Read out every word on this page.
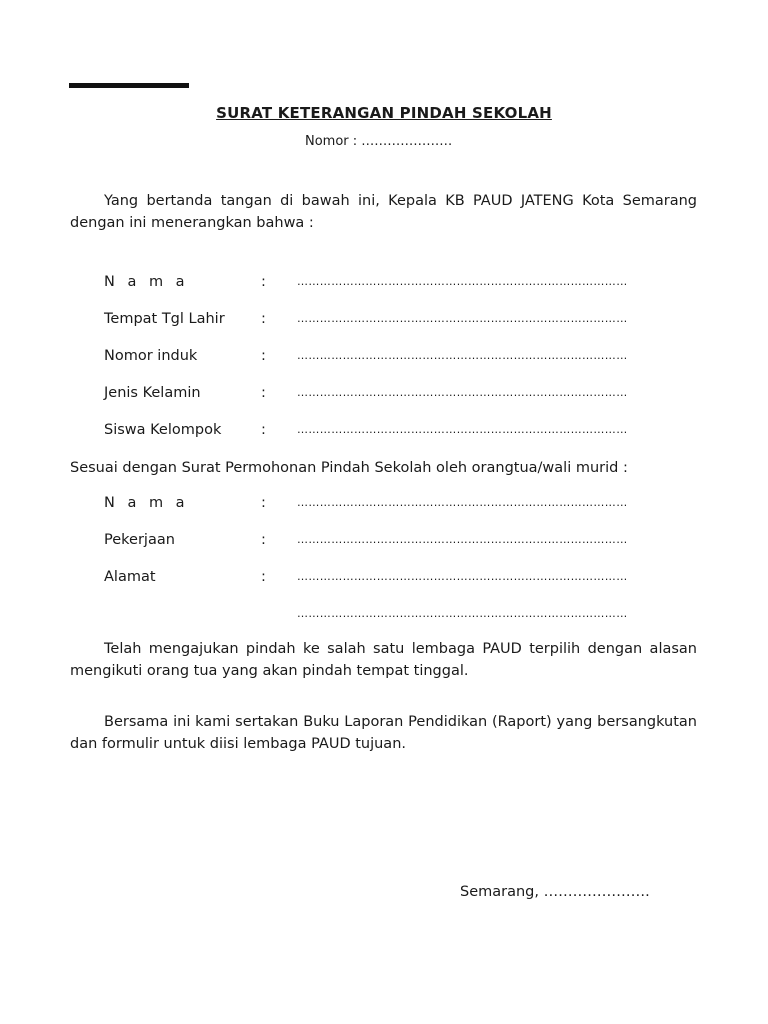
SURAT KETERANGAN PINDAH SEKOLAH
Nomor : …………………
Yang bertanda tangan di bawah ini, Kepala KB PAUD JATENG Kota Semarang dengan ini menerangkan bahwa :
N a m a	:	……………………………………………………………………………
Tempat Tgl Lahir	:	……………………………………………………………………………
Nomor induk	:	……………………………………………………………………………
Jenis Kelamin	:	……………………………………………………………………………
Siswa Kelompok	:	……………………………………………………………………………
Sesuai dengan Surat Permohonan Pindah Sekolah oleh orangtua/wali murid :
N a m a	:	……………………………………………………………………………
Pekerjaan	:	……………………………………………………………………………
Alamat	:	……………………………………………………………………………
……………………………………………………………………………
Telah mengajukan pindah ke salah satu lembaga PAUD terpilih dengan alasan mengikuti orang tua yang akan pindah tempat tinggal.
Bersama ini kami sertakan Buku Laporan Pendidikan (Raport) yang bersangkutan dan formulir untuk diisi lembaga PAUD tujuan.
Semarang, ………………….
